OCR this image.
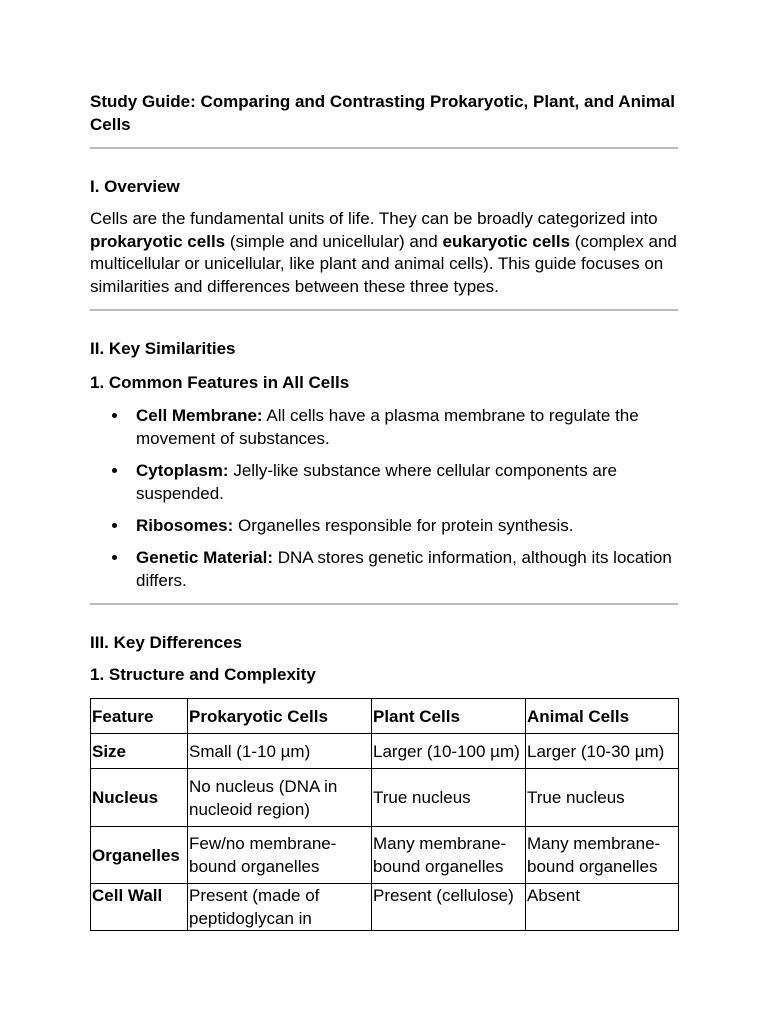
Study Guide: Comparing and Contrasting Prokaryotic, Plant, and Animal Cells
I. Overview

Cells are the fundamental units of life. They can be broadly categorized into prokaryotic cells (simple and unicellular) and eukaryotic cells (complex and multicellular or unicellular, like plant and animal cells). This guide focuses on similarities and differences between these three types.

II. Key Similarities
1. Common Features in All Cells
Cell Membrane: All cells have a plasma membrane to regulate the movement of substances.
Cytoplasm: Jelly-like substance where cellular components are suspended.
Ribosomes: Organelles responsible for protein synthesis.
Genetic Material: DNA stores genetic information, although its location differs.
III. Key Differences
1. Structure and Complexity
Feature	Prokaryotic Cells	Plant Cells	Animal Cells
Size	Small (1-10 µm)	Larger (10-100 µm)	Larger (10-30 µm)
Nucleus	No nucleus (DNA in nucleoid region)	True nucleus	True nucleus
Organelles	Few/no membrane-bound organelles	Many membrane-bound organelles	Many membrane-bound organelles
Cell Wall	Present (made of peptidoglycan in	Present (cellulose)	Absent
